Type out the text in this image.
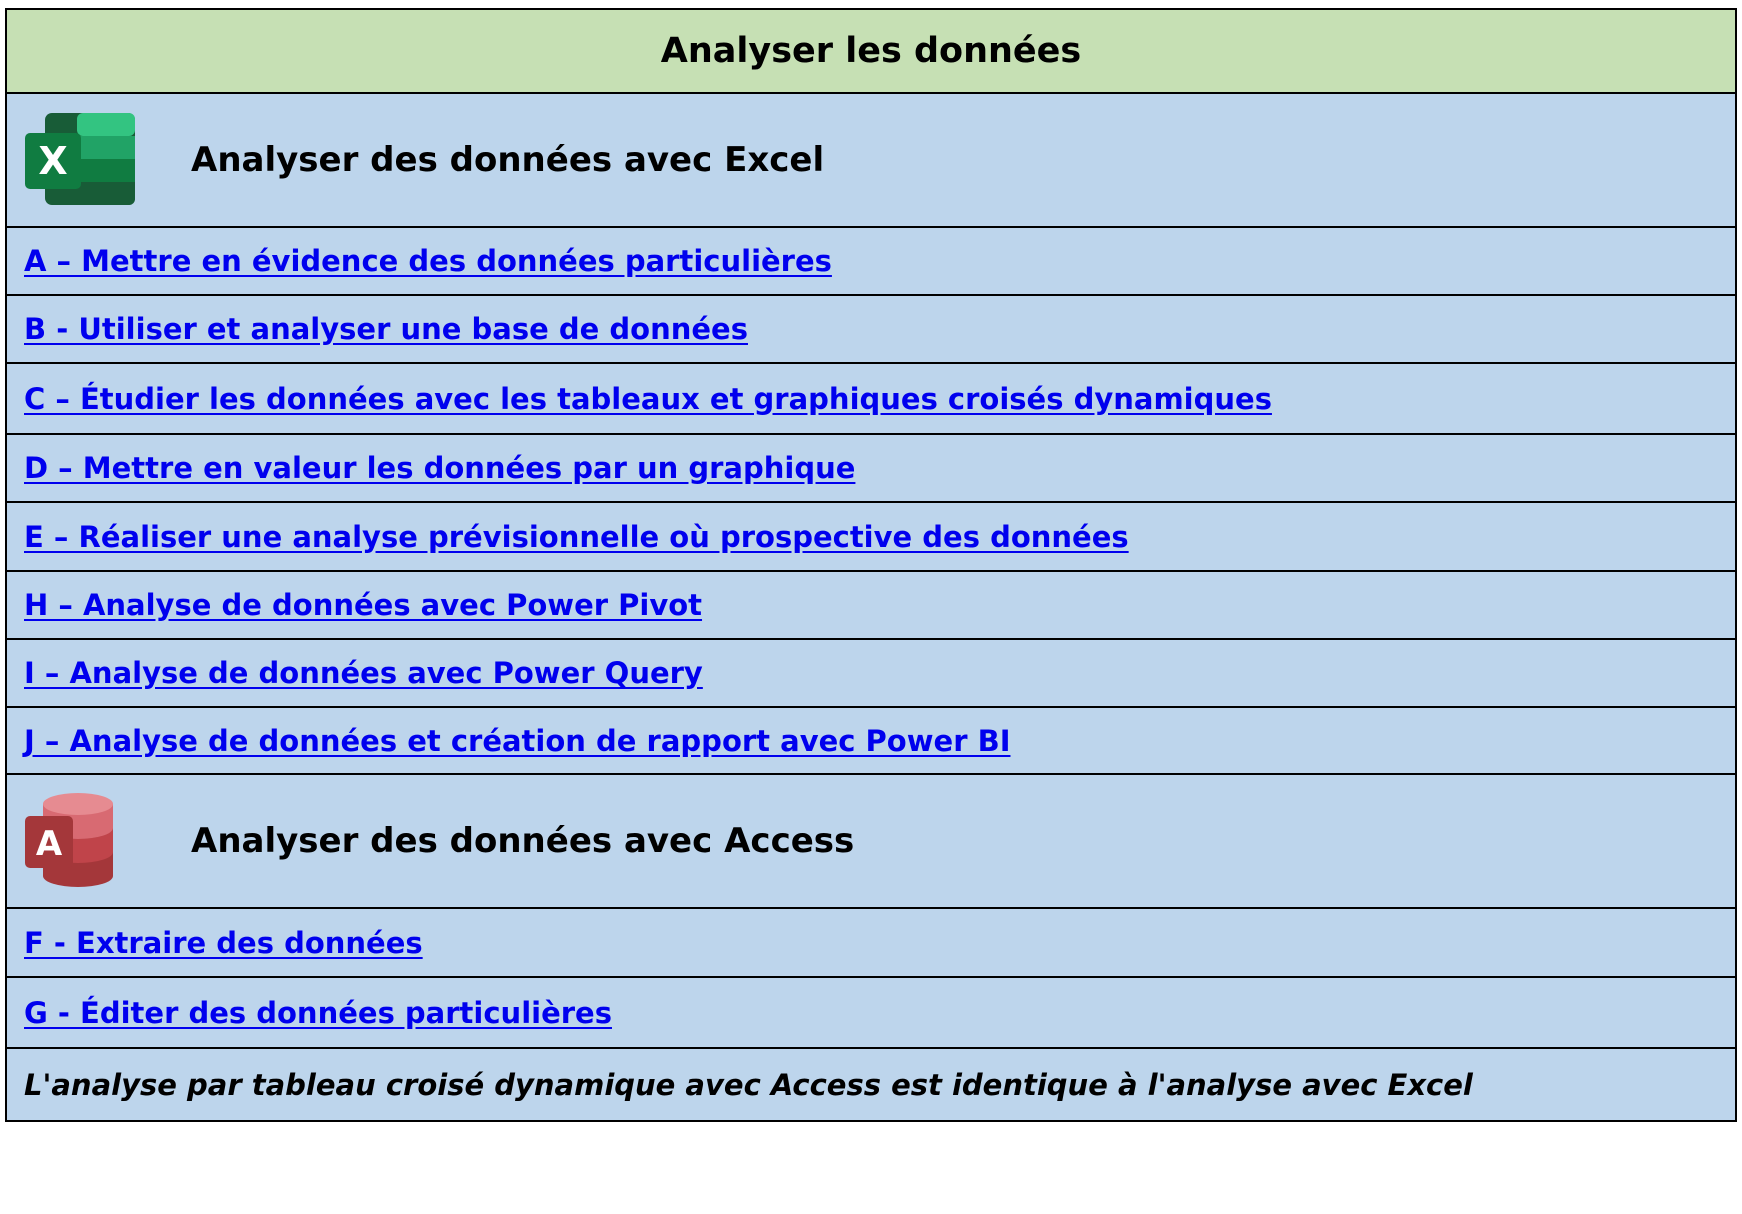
Analyser les données
X	Analyser des données avec Excel
A – Mettre en évidence des données particulières
B - Utiliser et analyser une base de données
C – Étudier les données avec les tableaux et graphiques croisés dynamiques
D – Mettre en valeur les données par un graphique
E – Réaliser une analyse prévisionnelle où prospective des données
H – Analyse de données avec Power Pivot
I – Analyse de données avec Power Query
J – Analyse de données et création de rapport avec Power BI
A	Analyser des données avec Access
F - Extraire des données
G - Éditer des données particulières
L'analyse par tableau croisé dynamique avec Access est identique à l'analyse avec Excel
